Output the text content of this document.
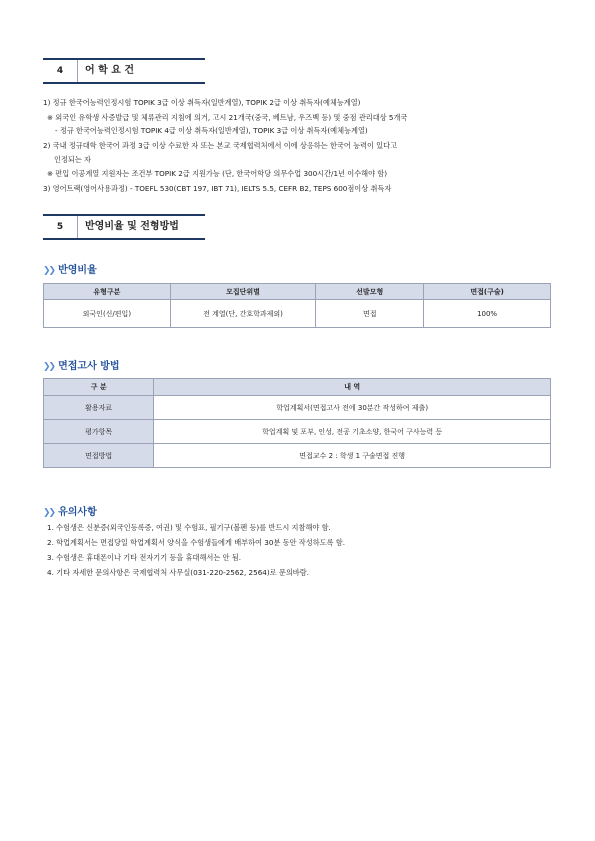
4	어 학 요 건
1) 정규 한국어능력인정시험 TOPIK 3급 이상 취득자(일반계열), TOPIK 2급 이상 취득자(예체능계열)
※ 외국인 유학생 사증발급 및 체류관리 지침에 의거, 고시 21개국(중국, 베트남, 우즈벡 등) 및 중점 관리대상 5개국
- 정규 한국어능력인정시험 TOPIK 4급 이상 취득자(일반계열), TOPIK 3급 이상 취득자(예체능계열)
2) 국내 정규대학 한국어 과정 3급 이상 수료한 자 또는 본교 국제협력처에서 이에 상응하는 한국어 능력이 있다고
인정되는 자
※ 편입 이공계열 지원자는 조건부 TOPIK 2급 지원가능 (단, 한국어학당 의무수업 300시간/1년 이수해야 함)
3) 영어트랙(영어사용과정) - TOEFL 530(CBT 197, IBT 71), IELTS 5.5, CEFR B2, TEPS 600점이상 취득자
5	반영비율 및 전형방법
❯❯ 반영비율
유형구분	모집단위별	선발모형	면접(구술)
외국인(신/편입)	전 계열(단, 간호학과제외)	면접	100%
❯❯ 면접고사 방법
구 분	내 역
활용자료	학업계획서(면접고사 전에 30분간 작성하여 제출)
평가항목	학업계획 및 포부, 인성, 전공 기초소양, 한국어 구사능력 등
면접방법	면접교수 2 : 학생 1 구술면접 진행
❯❯ 유의사항
1. 수험생은 신분증(외국인등록증, 여권) 및 수험표, 필기구(볼펜 등)를 반드시 지참해야 함.
2. 학업계획서는 면접당일 학업계획서 양식을 수험생들에게 배부하여 30분 동안 작성하도록 함.
3. 수험생은 휴대폰이나 기타 전자기기 등을 휴대해서는 안 됨.
4. 기타 자세한 문의사항은 국제협력처 사무실(031-220-2562, 2564)로 문의바람.
